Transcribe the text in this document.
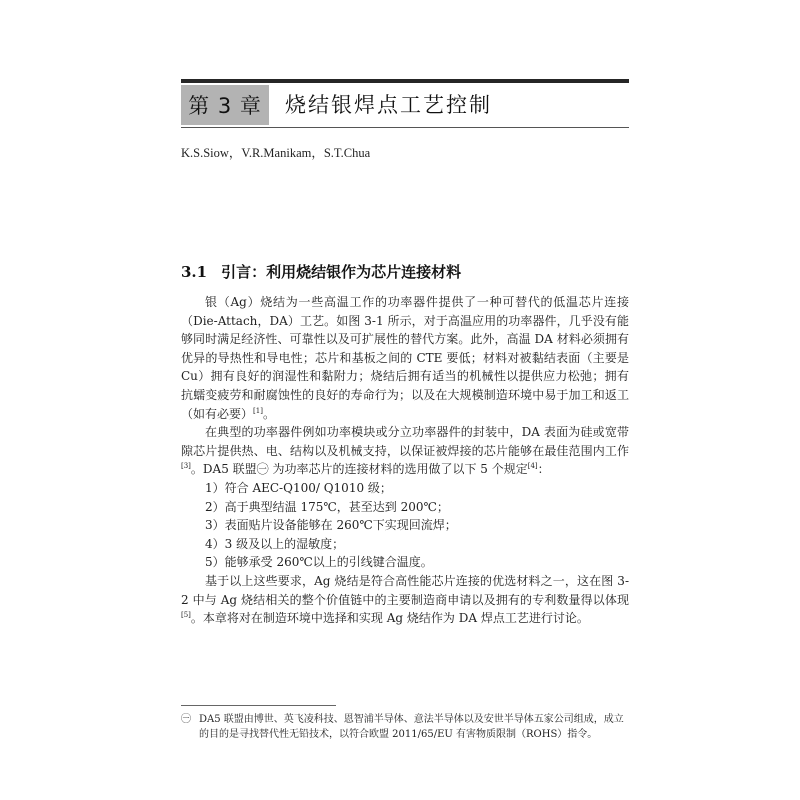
第 3 章 烧结银焊点工艺控制
K.S.Siow，V.R.Manikam，S.T.Chua
3.1 引言：利用烧结银作为芯片连接材料

银（Ag）烧结为一些高温工作的功率器件提供了一种可替代的低温芯片连接（Die-Attach，DA）工艺。如图 3-1 所示，对于高温应用的功率器件，几乎没有能够同时满足经济性、可靠性以及可扩展性的替代方案。此外，高温 DA 材料必须拥有优异的导热性和导电性；芯片和基板之间的 CTE 要低；材料对被黏结表面（主要是 Cu）拥有良好的润湿性和黏附力；烧结后拥有适当的机械性以提供应力松弛；拥有抗蠕变疲劳和耐腐蚀性的良好的寿命行为；以及在大规模制造环境中易于加工和返工（如有必要）[1]。

在典型的功率器件例如功率模块或分立功率器件的封装中，DA 表面为硅或宽带隙芯片提供热、电、结构以及机械支持，以保证被焊接的芯片能够在最佳范围内工作[3]。DA5 联盟㊀ 为功率芯片的连接材料的选用做了以下 5 个规定[4]：

1）符合 AEC-Q100/ Q1010 级；

2）高于典型结温 175℃，甚至达到 200℃；

3）表面贴片设备能够在 260℃下实现回流焊；

4）3 级及以上的湿敏度；

5）能够承受 260℃以上的引线键合温度。

基于以上这些要求，Ag 烧结是符合高性能芯片连接的优选材料之一，这在图 3-2 中与 Ag 烧结相关的整个价值链中的主要制造商申请以及拥有的专利数量得以体现[5]。本章将对在制造环境中选择和实现 Ag 烧结作为 DA 焊点工艺进行讨论。

㊀ DA5 联盟由博世、英飞凌科技、恩智浦半导体、意法半导体以及安世半导体五家公司组成，成立的目的是寻找替代性无铅技术，以符合欧盟 2011/65/EU 有害物质限制（ROHS）指令。
